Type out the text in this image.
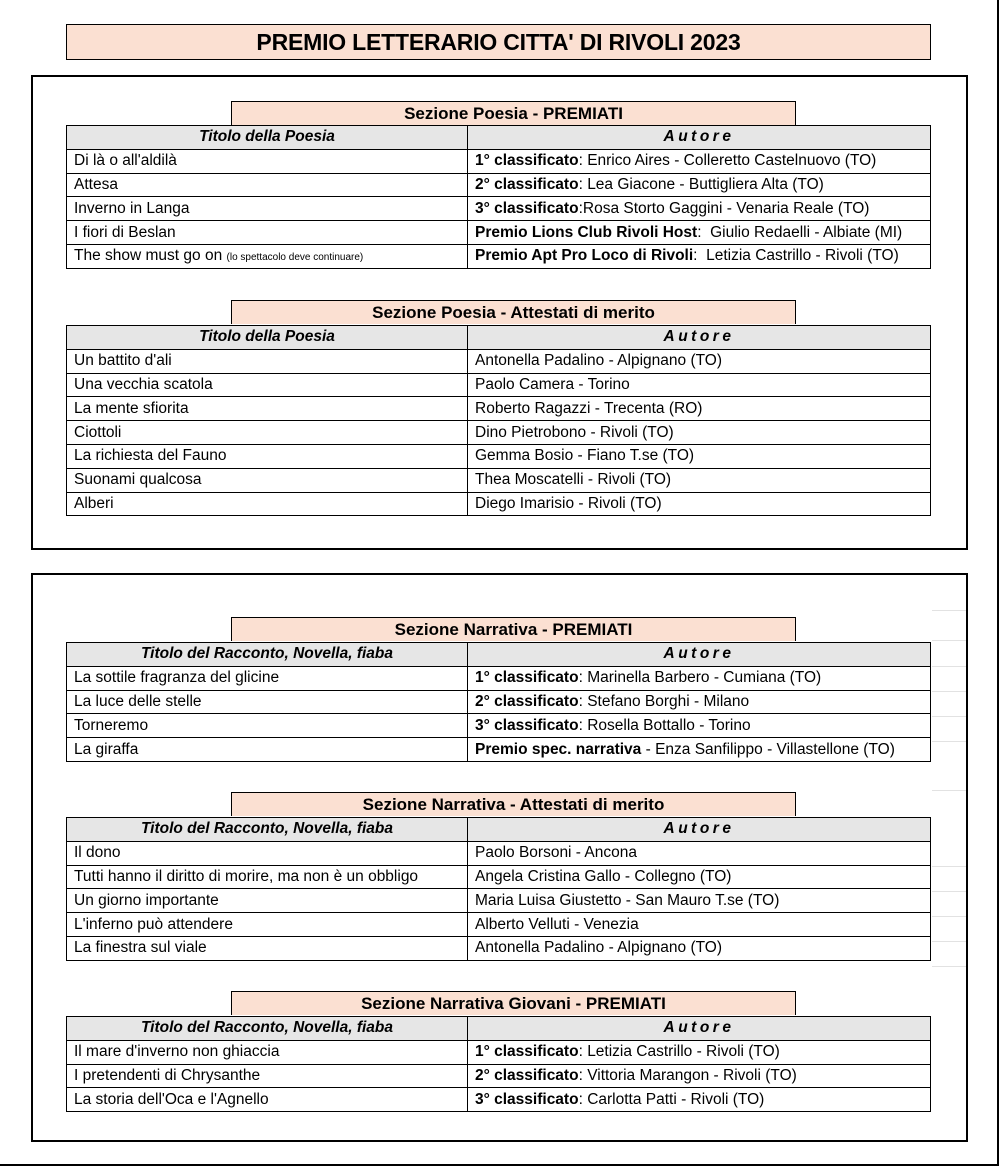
PREMIO LETTERARIO CITTA' DI RIVOLI 2023
Sezione Poesia - PREMIATI
Titolo della Poesia	Autore
Di là o all'aldilà	1° classificato: Enrico Aires - Colleretto Castelnuovo (TO)
Attesa	2° classificato: Lea Giacone - Buttigliera Alta (TO)
Inverno in Langa	3° classificato:Rosa Storto Gaggini - Venaria Reale (TO)
I fiori di Beslan	Premio Lions Club Rivoli Host:  Giulio Redaelli - Albiate (MI)
The show must go on (lo spettacolo deve continuare)	Premio Apt Pro Loco di Rivoli:  Letizia Castrillo - Rivoli (TO)
Sezione Poesia - Attestati di merito
Titolo della Poesia	Autore
Un battito d'ali	Antonella Padalino - Alpignano (TO)
Una vecchia scatola	Paolo Camera - Torino
La mente sfiorita	Roberto Ragazzi - Trecenta (RO)
Ciottoli	Dino Pietrobono - Rivoli (TO)
La richiesta del Fauno	Gemma Bosio - Fiano T.se (TO)
Suonami qualcosa	Thea Moscatelli - Rivoli (TO)
Alberi	Diego Imarisio - Rivoli (TO)
Sezione Narrativa - PREMIATI
Titolo del Racconto, Novella, fiaba	Autore
La sottile fragranza del glicine	1° classificato: Marinella Barbero - Cumiana (TO)
La luce delle stelle	2° classificato: Stefano Borghi - Milano
Torneremo	3° classificato: Rosella Bottallo - Torino
La giraffa	Premio spec. narrativa - Enza Sanfilippo - Villastellone (TO)
Sezione Narrativa - Attestati di merito
Titolo del Racconto, Novella, fiaba	Autore
Il dono	Paolo Borsoni - Ancona
Tutti hanno il diritto di morire, ma non è un obbligo	Angela Cristina Gallo - Collegno (TO)
Un giorno importante	Maria Luisa Giustetto - San Mauro T.se (TO)
L'inferno può attendere	Alberto Velluti - Venezia
La finestra sul viale	Antonella Padalino - Alpignano (TO)
Sezione Narrativa Giovani - PREMIATI
Titolo del Racconto, Novella, fiaba	Autore
Il mare d'inverno non ghiaccia	1° classificato: Letizia Castrillo - Rivoli (TO)
I pretendenti di Chrysanthe	2° classificato: Vittoria Marangon - Rivoli (TO)
La storia dell'Oca e l'Agnello	3° classificato: Carlotta Patti - Rivoli (TO)
